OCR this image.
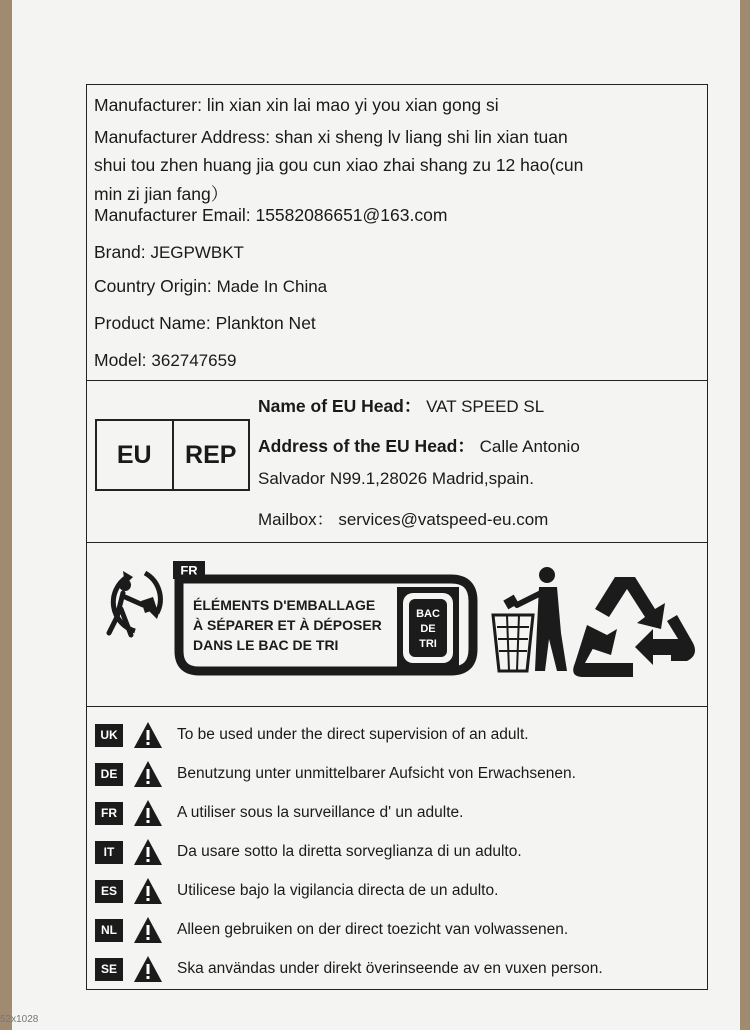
Manufacturer: lin xian xin lai mao yi you xian gong si
Manufacturer Address: shan xi sheng lv liang shi lin xian tuan
shui tou zhen huang jia gou cun xiao zhai shang zu 12 hao(cun
min zi jian fang）
Manufacturer Email: 15582086651@163.com
Brand: JEGPWBKT
Country Origin: Made In China
Product Name: Plankton Net
Model: 362747659
EU	REP
Name of EU Head： VAT SPEED SL
Address of the EU Head： Calle Antonio
Salvador N99.1,28026 Madrid,spain.
Mailbox： services@vatspeed-eu.com
FR
ÉLÉMENTS D'EMBALLAGE
À SÉPARER ET À DÉPOSER
DANS LE BAC DE TRI
BAC
DE
TRI
UK	To be used under the direct supervision of an adult.
DE	Benutzung unter unmittelbarer Aufsicht von Erwachsenen.
FR	A utiliser sous la surveillance d' un adulte.
IT	Da usare sotto la diretta sorveglianza di un adulto.
ES	Utilicese bajo la vigilancia directa de un adulto.
NL	Alleen gebruiken on der direct toezicht van volwassenen.
SE	Ska användas under direkt överinseende av en vuxen person.
52x1028
